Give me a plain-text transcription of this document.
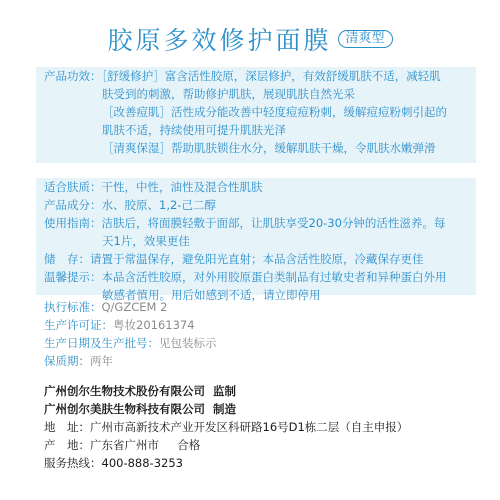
胶原多效修护面膜	清爽型
产品功效：［舒缓修护］富含活性胶原，深层修护，有效舒缓肌肤不适，减轻肌
肤受到的刺激，帮助修护肌肤，展现肌肤自然光采
［改善痘肌］活性成分能改善中轻度痘痘粉刺，缓解痘痘粉刺引起的
肌肤不适，持续使用可提升肌肤光泽
［清爽保湿］帮助肌肤锁住水分，缓解肌肤干燥，令肌肤水嫩弹滑
适合肤质：干性，中性，油性及混合性肌肤
产品成分：水、胶原、1,2-己二醇
使用指南：洁肤后，将面膜轻敷于面部，让肌肤享受20-30分钟的活性滋养。每
天1片，效果更佳
储　存：请置于常温保存，避免阳光直射；本品含活性胶原，冷藏保存更佳
温馨提示：本品含活性胶原，对外用胶原蛋白类制品有过敏史者和异种蛋白外用
敏感者慎用。用后如感到不适，请立即停用
执行标准：Q/GZCEM 2
生产许可证：粤妆20161374
生产日期及生产批号：见包装标示
保质期：两年
广州创尔生物技术股份有限公司 监制
广州创尔美肤生物科技有限公司 制造
地　址：广州市高新技术产业开发区科研路16号D1栋二层（自主申报）
产　地：广东省广州市 合格
服务热线：400-888-3253
